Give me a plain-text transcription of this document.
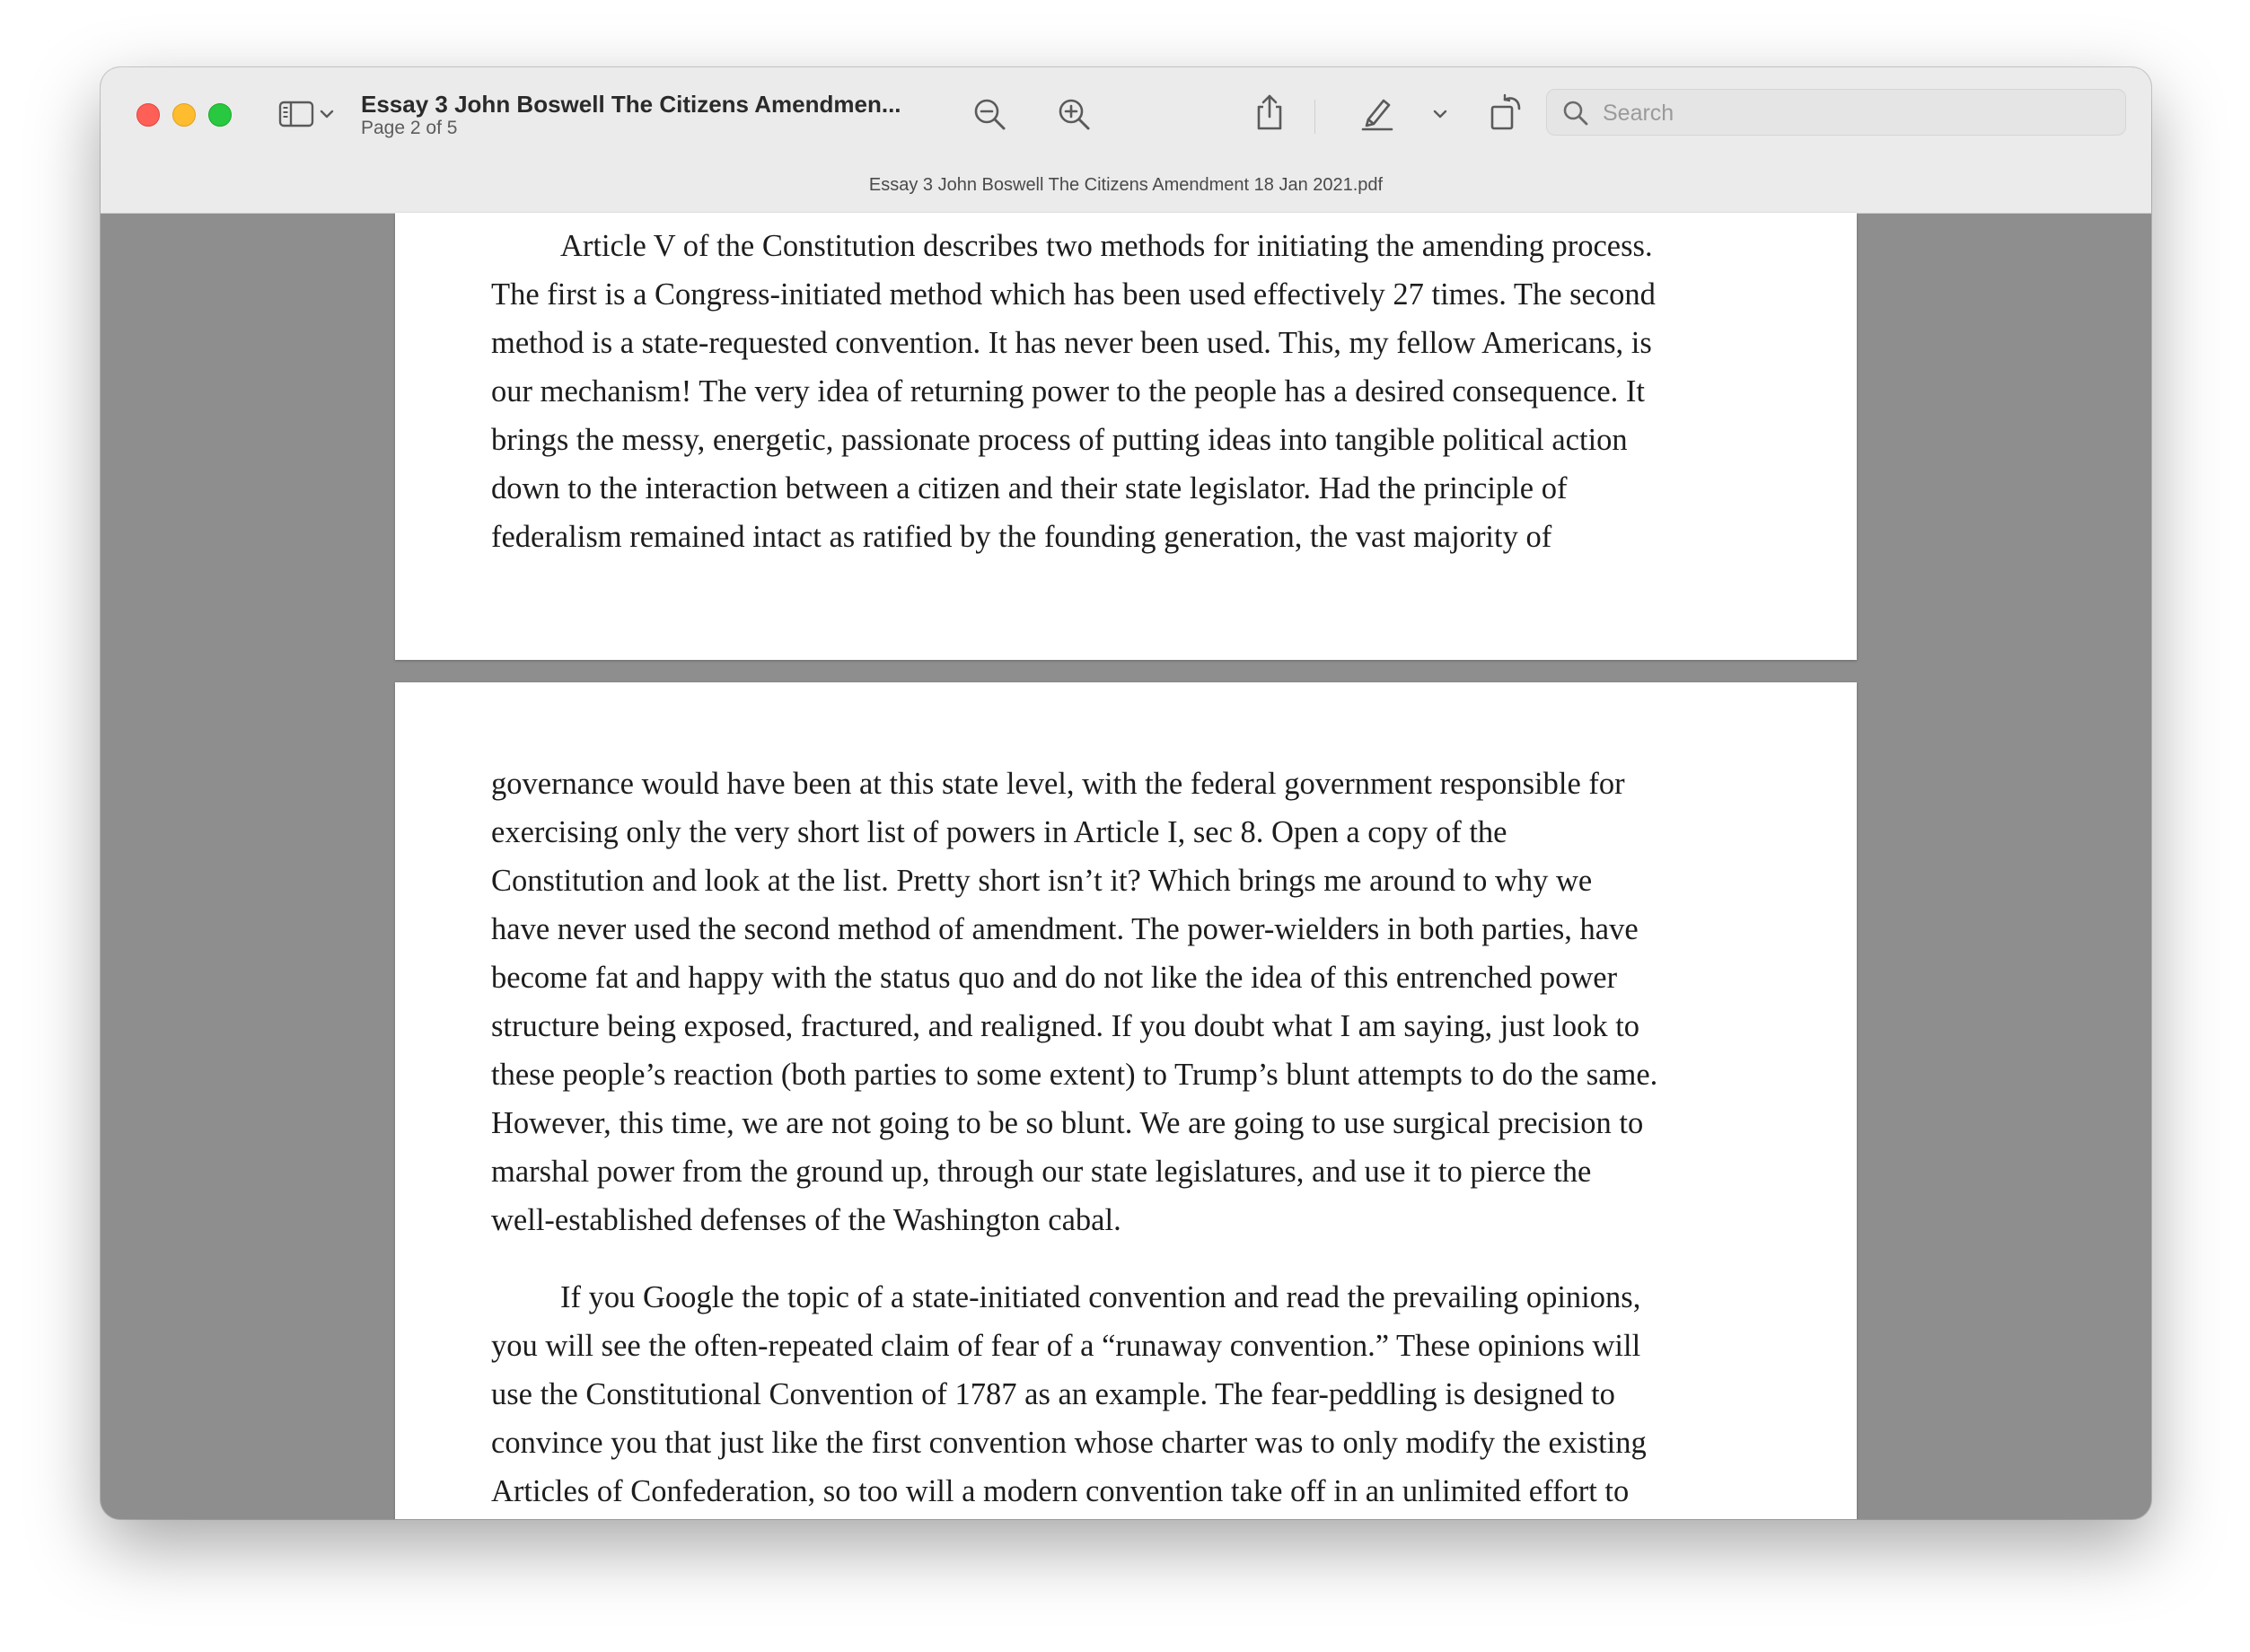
Essay 3 John Boswell The Citizens Amendmen...
Page 2 of 5
Search
Essay 3 John Boswell The Citizens Amendment 18 Jan 2021.pdf
Article V of the Constitution describes two methods for initiating the amending process.
The first is a Congress-initiated method which has been used effectively 27 times. The second
method is a state-requested convention. It has never been used. This, my fellow Americans, is
our mechanism! The very idea of returning power to the people has a desired consequence. It
brings the messy, energetic, passionate process of putting ideas into tangible political action
down to the interaction between a citizen and their state legislator. Had the principle of
federalism remained intact as ratified by the founding generation, the vast majority of
governance would have been at this state level, with the federal government responsible for
exercising only the very short list of powers in Article I, sec 8. Open a copy of the
Constitution and look at the list. Pretty short isn’t it? Which brings me around to why we
have never used the second method of amendment. The power-wielders in both parties, have
become fat and happy with the status quo and do not like the idea of this entrenched power
structure being exposed, fractured, and realigned. If you doubt what I am saying, just look to
these people’s reaction (both parties to some extent) to Trump’s blunt attempts to do the same.
However, this time, we are not going to be so blunt. We are going to use surgical precision to
marshal power from the ground up, through our state legislatures, and use it to pierce the
well-established defenses of the Washington cabal.
If you Google the topic of a state-initiated convention and read the prevailing opinions,
you will see the often-repeated claim of fear of a “runaway convention.” These opinions will
use the Constitutional Convention of 1787 as an example. The fear-peddling is designed to
convince you that just like the first convention whose charter was to only modify the existing
Articles of Confederation, so too will a modern convention take off in an unlimited effort to
